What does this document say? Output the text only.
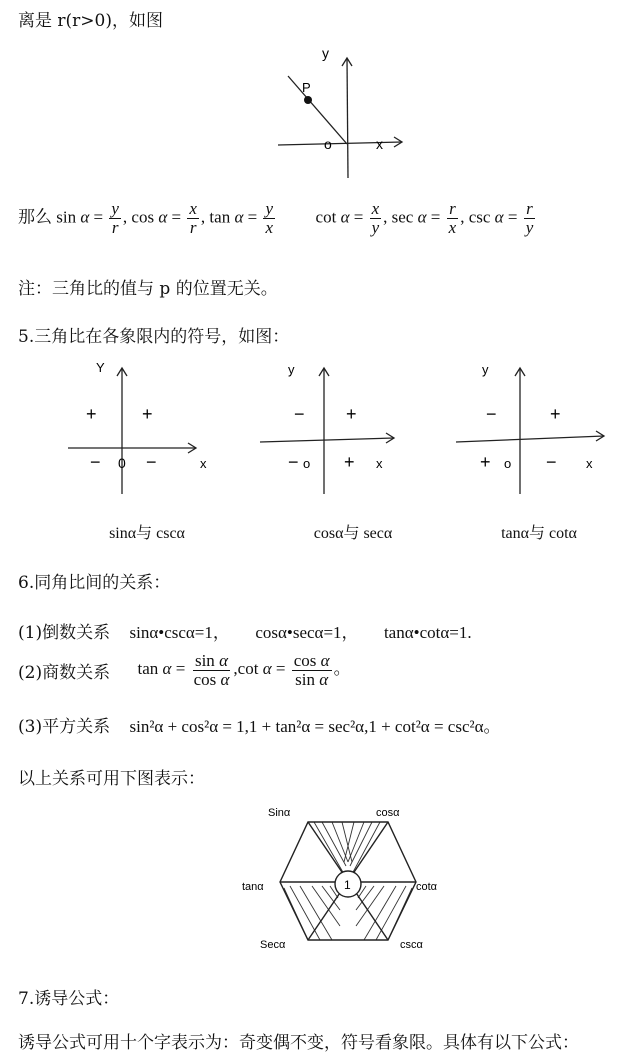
离是 r(r>0)，如图
P
y
x
o
那么 $\sin \alpha = \frac{y}{r}$ , $\cos \alpha = \frac{x}{r}$ , $\tan \alpha = \frac{y}{x}$ $\cot \alpha = \frac{x}{y}$ , $\sec \alpha = \frac{r}{x}$ , $\csc \alpha = \frac{r}{y}$
注：三角比的值与 p 的位置无关。
5.三角比在各象限内的符号，如图：
Y
x
0
+	+
−	−
sinα与 cscα
y
x
o
− +
−	+
cosα与 secα
y
x
o
−	+
+	−
tanα与 cotα
6.同角比间的关系：
(1)倒数关系 sinα•cscα=1， cosα•secα=1， tanα•cotα=1.
(2)商数关系 $\tan \alpha = \frac{\text{sin α}}{\text{cos α}} ,\cot$ $\alpha = \frac{\text{cos α}}{\text{sin α}}$ 。
(3)平方关系 sin²α + cos²α = 1,1 + tan²α = sec²α,1 + cot²α = csc²α。
以上关系可用下图表示：
1
Sinα	cosα
tanα	cotα
Secα	cscα
7.诱导公式：
诱导公式可用十个字表示为：奇变偶不变，符号看象限。具体有以下公式：
